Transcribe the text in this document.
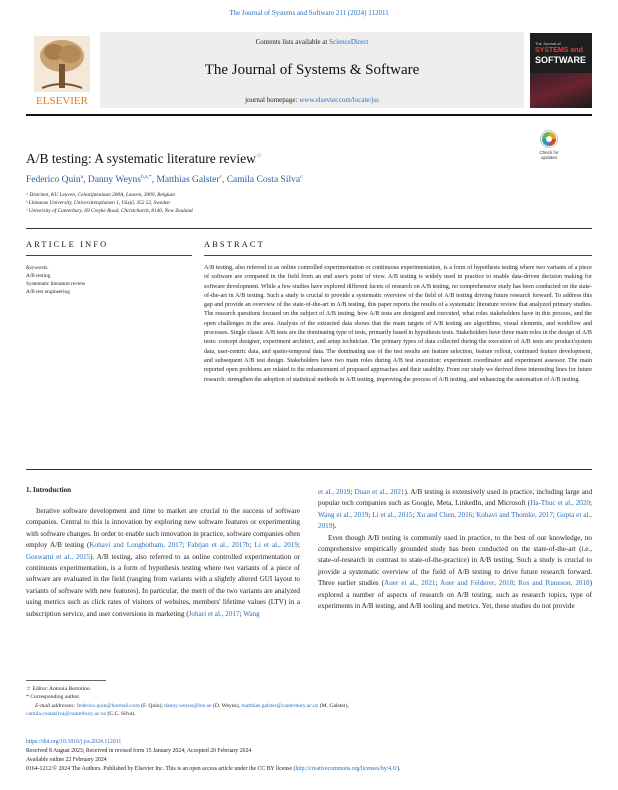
The Journal of Systems and Software 211 (2024) 112011
ELSEVIER
Contents lists available at ScienceDirect
The Journal of Systems & Software
journal homepage: www.elsevier.com/locate/jss
The Journal of
SYSTEMS and
SOFTWARE
Check for
updates
A/B testing: A systematic literature review☆
Federico Quin$^a$, Danny Weyns$^{b,a,*}$, Matthias Galster$^c$, Camila Costa Silva$^c$
ᵃ Distrinet, KU Leuven, Celestijnenlaan 200A, Leuven, 3000, Belgium
ᵇ Linnaeus University, Universitetsplatsen 1, Växjö, 352 52, Sweden
ᶜ University of Canterbury, 69 Creyke Road, Christchurch, 8140, New Zealand
ARTICLE INFO
Keywords:
A/B testing
Systematic literature review
A/B test engineering
ABSTRACT
A/B testing, also referred to as online controlled experimentation or continuous experimentation, is a form of hypothesis testing where two variants of a piece of software are compared in the field from an end user's point of view. A/B testing is widely used in practice to enable data-driven decision making for software development. While a few studies have explored different facets of research on A/B testing, no comprehensive study has been conducted on the state-of-the-art in A/B testing. Such a study is crucial to provide a systematic overview of the field of A/B testing driving future research forward. To address this gap and provide an overview of the state-of-the-art in A/B testing, this paper reports the results of a systematic literature review that analyzed primary studies. The research questions focused on the subject of A/B testing, how A/B tests are designed and executed, what roles stakeholders have in this process, and the open challenges in the area. Analysis of the extracted data shows that the main targets of A/B testing are algorithms, visual elements, and workflow and processes. Single classic A/B tests are the dominating type of tests, primarily based in hypothesis tests. Stakeholders have three main roles in the design of A/B tests: concept designer, experiment architect, and setup technician. The primary types of data collected during the execution of A/B tests are product/system data, user-centric data, and spatio-temporal data. The dominating use of the test results are feature selection, feature rollout, continued feature development, and subsequent A/B test design. Stakeholders have two main roles during A/B test execution: experiment coordinator and experiment assessor. The main reported open problems are related to the enhancement of proposed approaches and their usability. From our study we derived three interesting lines for future research: strengthen the adoption of statistical methods in A/B testing, improving the process of A/B testing, and enhancing the automation of A/B testing.
1. Introduction

Iterative software development and time to market are crucial to the success of software companies. Central to this is innovation by exploring new software features or experimenting with software changes. In order to enable such innovation in practice, software companies often employ A/B testing (Kohavi and Longbotham, 2017; Fabijan et al., 2017b; Li et al., 2019; Goswami et al., 2015). A/B testing, also referred to as online controlled experimentation or continuous experimentation, is a form of hypothesis testing where two variants of a piece of software are evaluated in the field (ranging from variants with a slightly altered GUI layout to variants of software with new features). In particular, the merit of the two variants are analyzed using metrics such as click rates of visitors of websites, members' lifetime values (LTV) in a subscription service, and user conversions in marketing (Johari et al., 2017; Wang

et al., 2019; Duan et al., 2021). A/B testing is extensively used in practice, including large and popular tech companies such as Google, Meta, LinkedIn, and Microsoft (Ha-Thuc et al., 2020; Wang et al., 2019; Li et al., 2015; Xu and Chen, 2016; Kohavi and Thomke, 2017; Gupta et al., 2019).

Even though A/B testing is commonly used in practice, to the best of our knowledge, no comprehensive empirically grounded study has been conducted on the state-of-the-art (i.e., state-of-research in contrast to state-of-the-practice) in A/B testing. Such a study is crucial to provide a systematic overview of the field of A/B testing to drive future research forward. Three earlier studies (Auer et al., 2021; Auer and Felderer, 2018; Ros and Runeson, 2018) explored a number of aspects of research on A/B testing, such as research topics, type of experiments in A/B testing, and A/B tooling and metrics. Yet, these studies do not provide

☆ Editor: Antonia Bertolino.
* Corresponding author.
E-mail addresses: federico.quin@hotmail.com (F. Quin), danny.weyns@lnu.se (D. Weyns), matthias.galster@canterbury.ac.nz (M. Galster),
camila.costasilva@canterbury.ac.nz (C.C. Silva).
https://doi.org/10.1016/j.jss.2024.112011
Received 8 August 2023; Received in revised form 15 January 2024; Accepted 20 February 2024
Available online 22 February 2024
0164-1212/© 2024 The Authors. Published by Elsevier Inc. This is an open access article under the CC BY license (http://creativecommons.org/licenses/by/4.0/).
